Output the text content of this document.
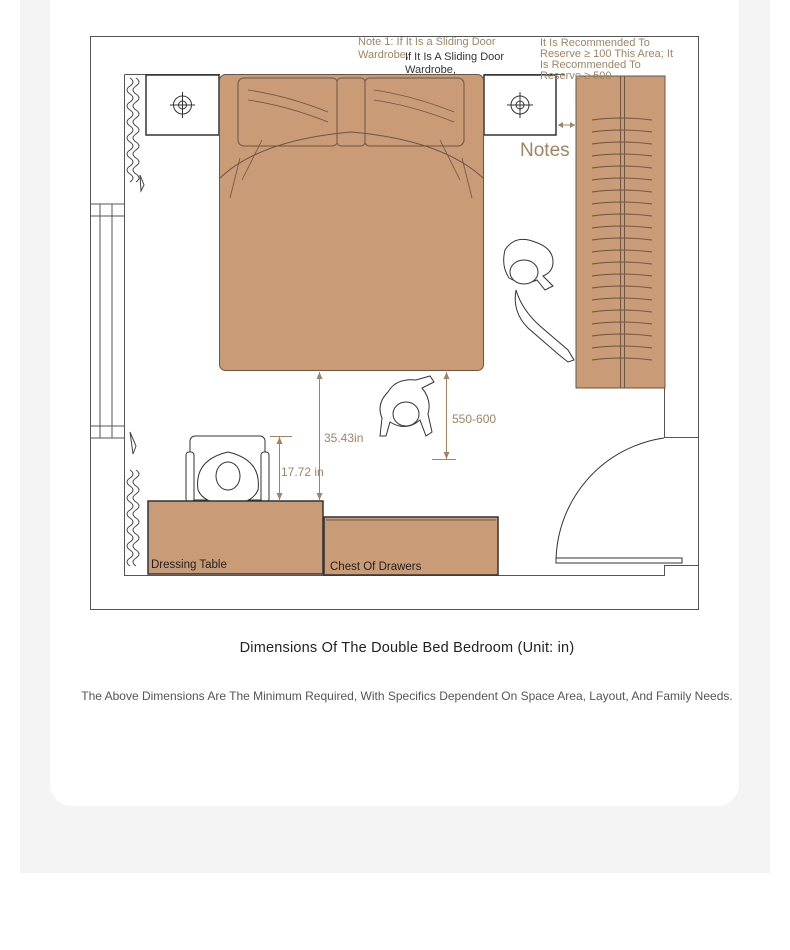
Note 1: If It Is a Sliding Door Wardrobe,
If It Is A Sliding Door Wardrobe,
It Is Recommended To Reserve ≥ 100 This Area; It Is Recommended To Reserve ≥ 500
Notes
35.43in
17.72 in
550-600
Dressing Table	Chest Of Drawers
Dimensions Of The Double Bed Bedroom (Unit: in)
The Above Dimensions Are The Minimum Required, With Specifics Dependent On Space Area, Layout, And Family Needs.
